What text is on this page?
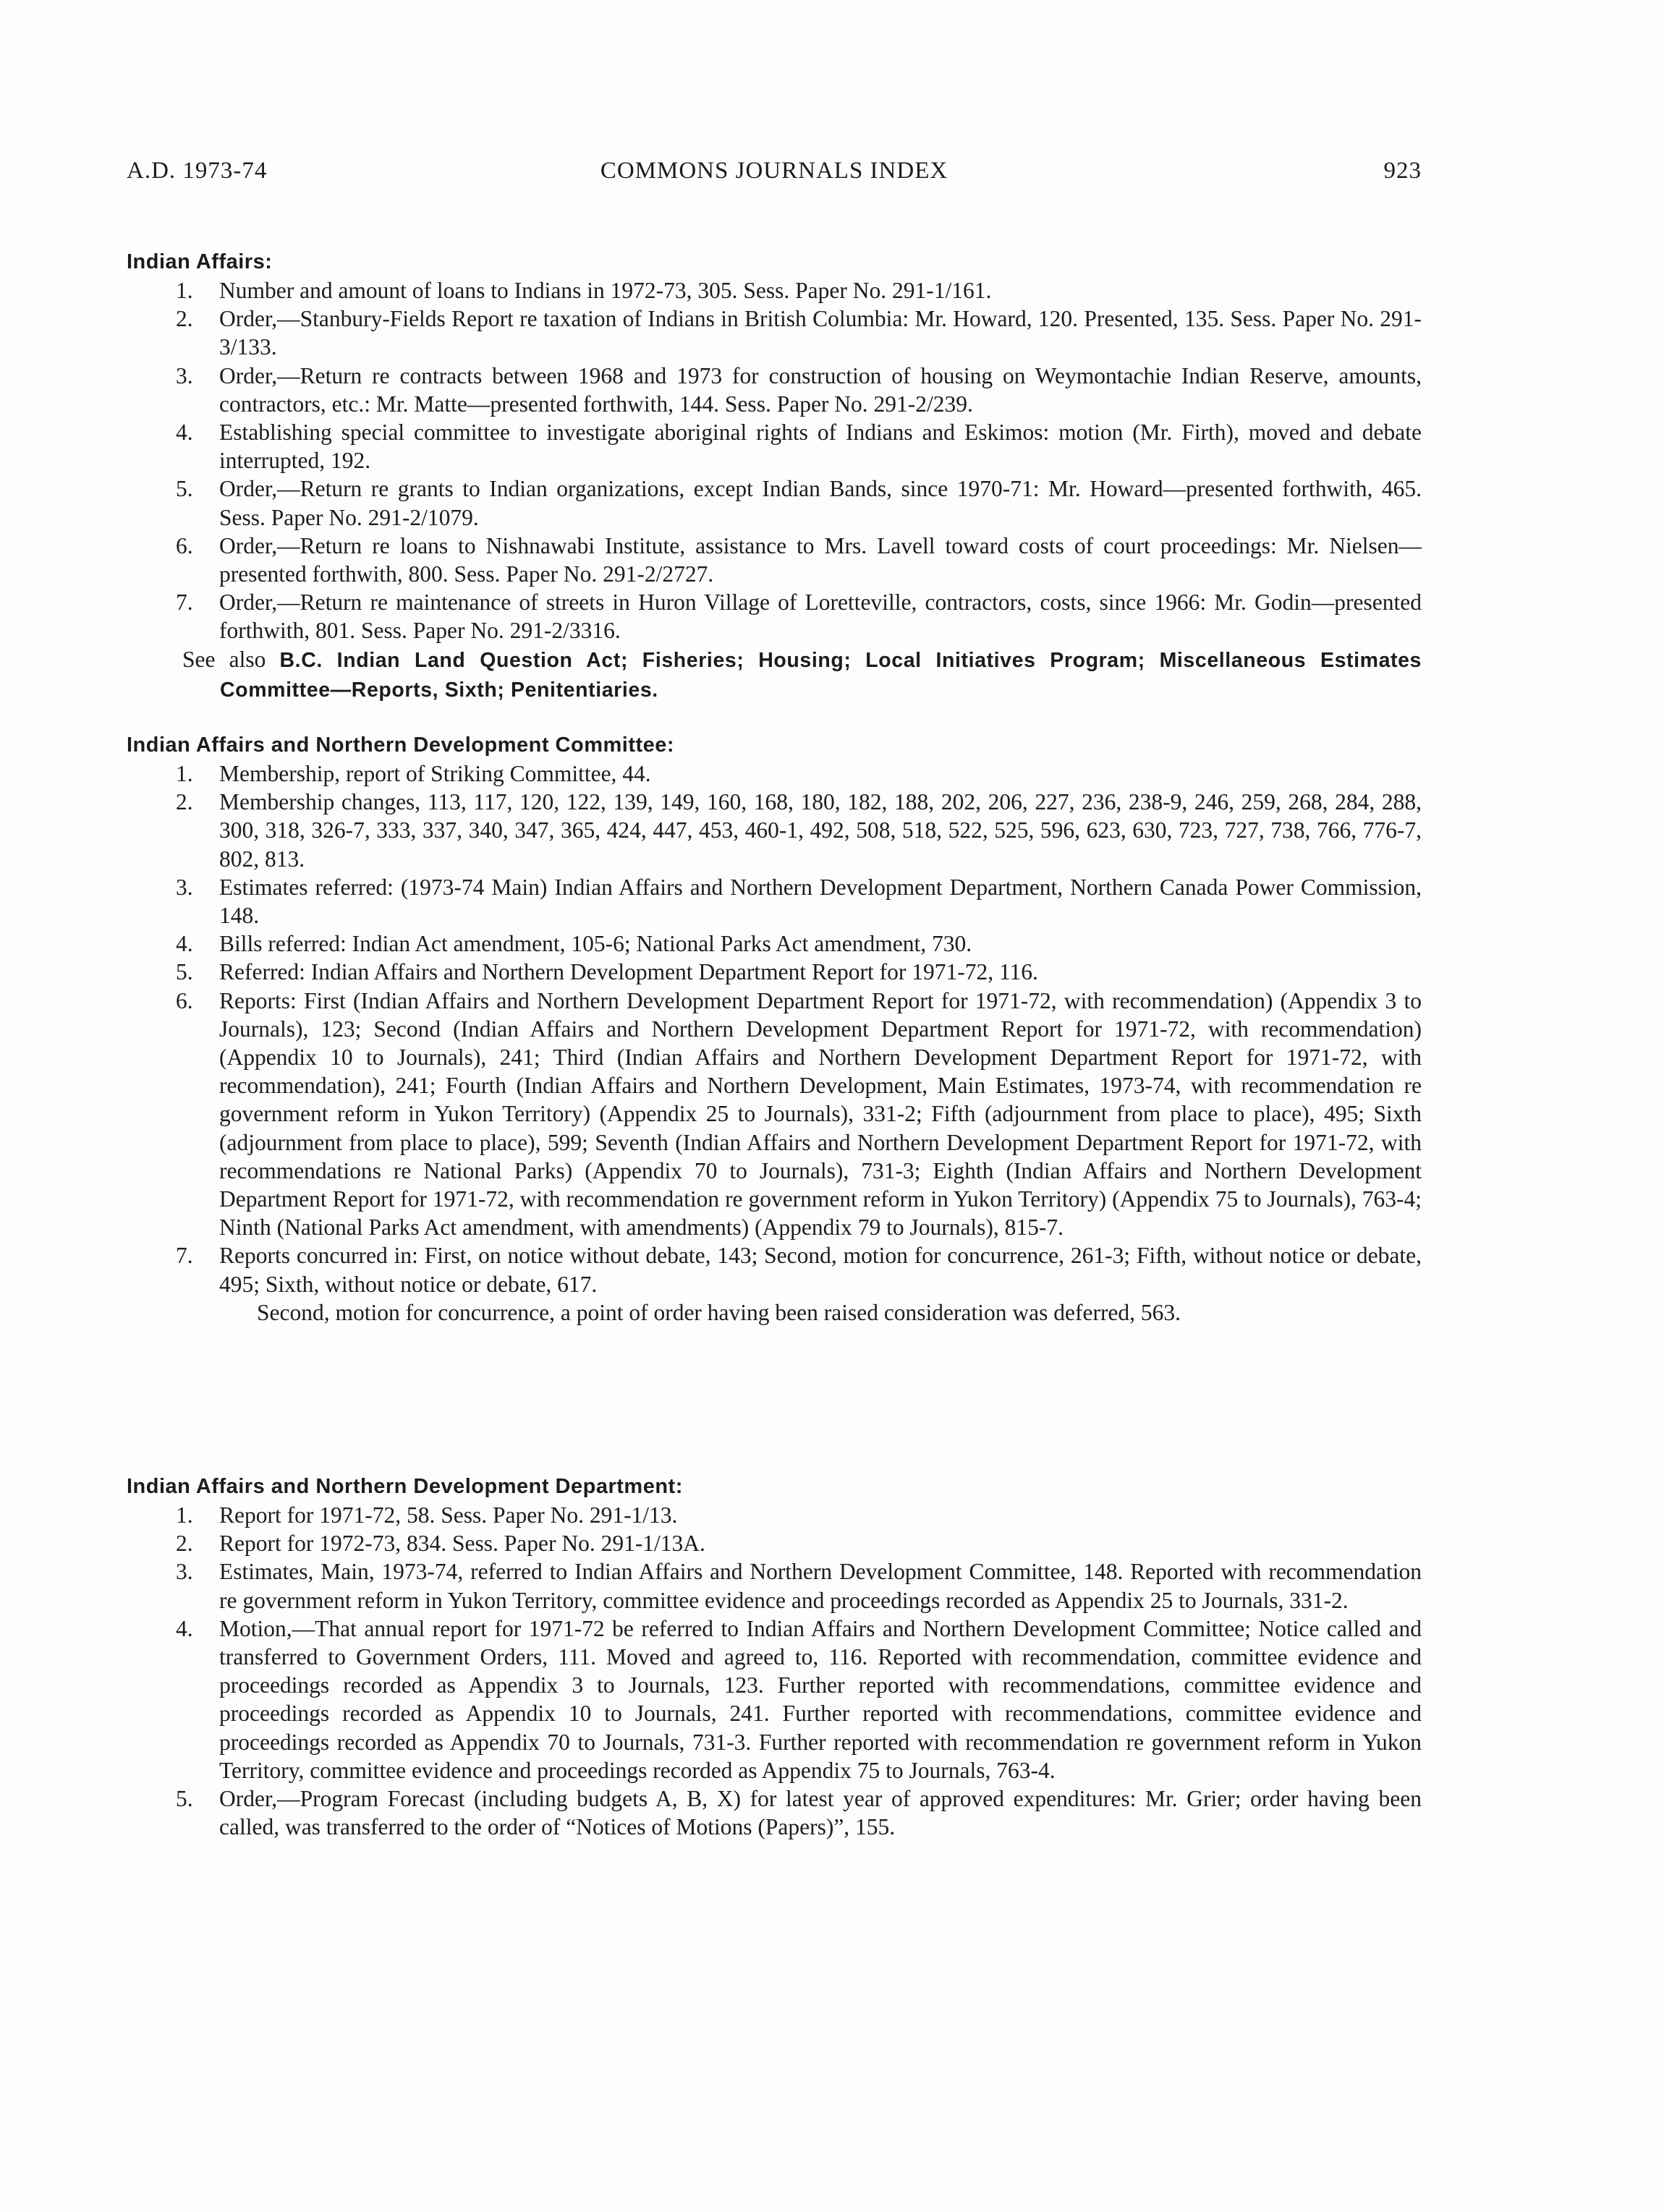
COMMONS JOURNALS INDEX
A.D. 1973-74	923
Indian Affairs:
1. Number and amount of loans to Indians in 1972-73, 305. Sess. Paper No. 291-1/161.
2. Order,—Stanbury-Fields Report re taxation of Indians in British Columbia: Mr. Howard, 120. Presented, 135. Sess. Paper No. 291-3/133.
3. Order,—Return re contracts between 1968 and 1973 for construction of housing on Weymontachie Indian Reserve, amounts, contractors, etc.: Mr. Matte—presented forthwith, 144. Sess. Paper No. 291-2/239.
4. Establishing special committee to investigate aboriginal rights of Indians and Eskimos: motion (Mr. Firth), moved and debate interrupted, 192.
5. Order,—Return re grants to Indian organizations, except Indian Bands, since 1970-71: Mr. Howard—presented forthwith, 465. Sess. Paper No. 291-2/1079.
6. Order,—Return re loans to Nishnawabi Institute, assistance to Mrs. Lavell toward costs of court proceedings: Mr. Nielsen—presented forthwith, 800. Sess. Paper No. 291-2/2727.
7. Order,—Return re maintenance of streets in Huron Village of Loretteville, contractors, costs, since 1966: Mr. Godin—presented forthwith, 801. Sess. Paper No. 291-2/3316.
See also B.C. Indian Land Question Act; Fisheries; Housing; Local Initiatives Program; Miscellaneous Estimates Committee—Reports, Sixth; Penitentiaries.
Indian Affairs and Northern Development Committee:
1. Membership, report of Striking Committee, 44.
2. Membership changes, 113, 117, 120, 122, 139, 149, 160, 168, 180, 182, 188, 202, 206, 227, 236, 238-9, 246, 259, 268, 284, 288, 300, 318, 326-7, 333, 337, 340, 347, 365, 424, 447, 453, 460-1, 492, 508, 518, 522, 525, 596, 623, 630, 723, 727, 738, 766, 776-7, 802, 813.
3. Estimates referred: (1973-74 Main) Indian Affairs and Northern Development Department, Northern Canada Power Commission, 148.
4. Bills referred: Indian Act amendment, 105-6; National Parks Act amendment, 730.
5. Referred: Indian Affairs and Northern Development Department Report for 1971-72, 116.
6. Reports: First (Indian Affairs and Northern Development Department Report for 1971-72, with recommendation) (Appendix 3 to Journals), 123; Second (Indian Affairs and Northern Development Department Report for 1971-72, with recommendation) (Appendix 10 to Journals), 241; Third (Indian Affairs and Northern Development Department Report for 1971-72, with recommendation), 241; Fourth (Indian Affairs and Northern Development, Main Estimates, 1973-74, with recommendation re government reform in Yukon Territory) (Appendix 25 to Journals), 331-2; Fifth (adjournment from place to place), 495; Sixth (adjournment from place to place), 599; Seventh (Indian Affairs and Northern Development Department Report for 1971-72, with recommendations re National Parks) (Appendix 70 to Journals), 731-3; Eighth (Indian Affairs and Northern Development Department Report for 1971-72, with recommendation re government reform in Yukon Territory) (Appendix 75 to Journals), 763-4; Ninth (National Parks Act amendment, with amendments) (Appendix 79 to Journals), 815-7.
7. Reports concurred in: First, on notice without debate, 143; Second, motion for concurrence, 261-3; Fifth, without notice or debate, 495; Sixth, without notice or debate, 617.
Second, motion for concurrence, a point of order having been raised consideration was deferred, 563.
Indian Affairs and Northern Development Department:
1. Report for 1971-72, 58. Sess. Paper No. 291-1/13.
2. Report for 1972-73, 834. Sess. Paper No. 291-1/13A.
3. Estimates, Main, 1973-74, referred to Indian Affairs and Northern Development Committee, 148. Reported with recommendation re government reform in Yukon Territory, committee evidence and proceedings recorded as Appendix 25 to Journals, 331-2.
4. Motion,—That annual report for 1971-72 be referred to Indian Affairs and Northern Development Committee; Notice called and transferred to Government Orders, 111. Moved and agreed to, 116. Reported with recommendation, committee evidence and proceedings recorded as Appendix 3 to Journals, 123. Further reported with recommendations, committee evidence and proceedings recorded as Appendix 10 to Journals, 241. Further reported with recommendations, committee evidence and proceedings recorded as Appendix 70 to Journals, 731-3. Further reported with recommendation re government reform in Yukon Territory, committee evidence and proceedings recorded as Appendix 75 to Journals, 763-4.
5. Order,—Program Forecast (including budgets A, B, X) for latest year of approved expenditures: Mr. Grier; order having been called, was transferred to the order of “Notices of Motions (Papers)”, 155.
